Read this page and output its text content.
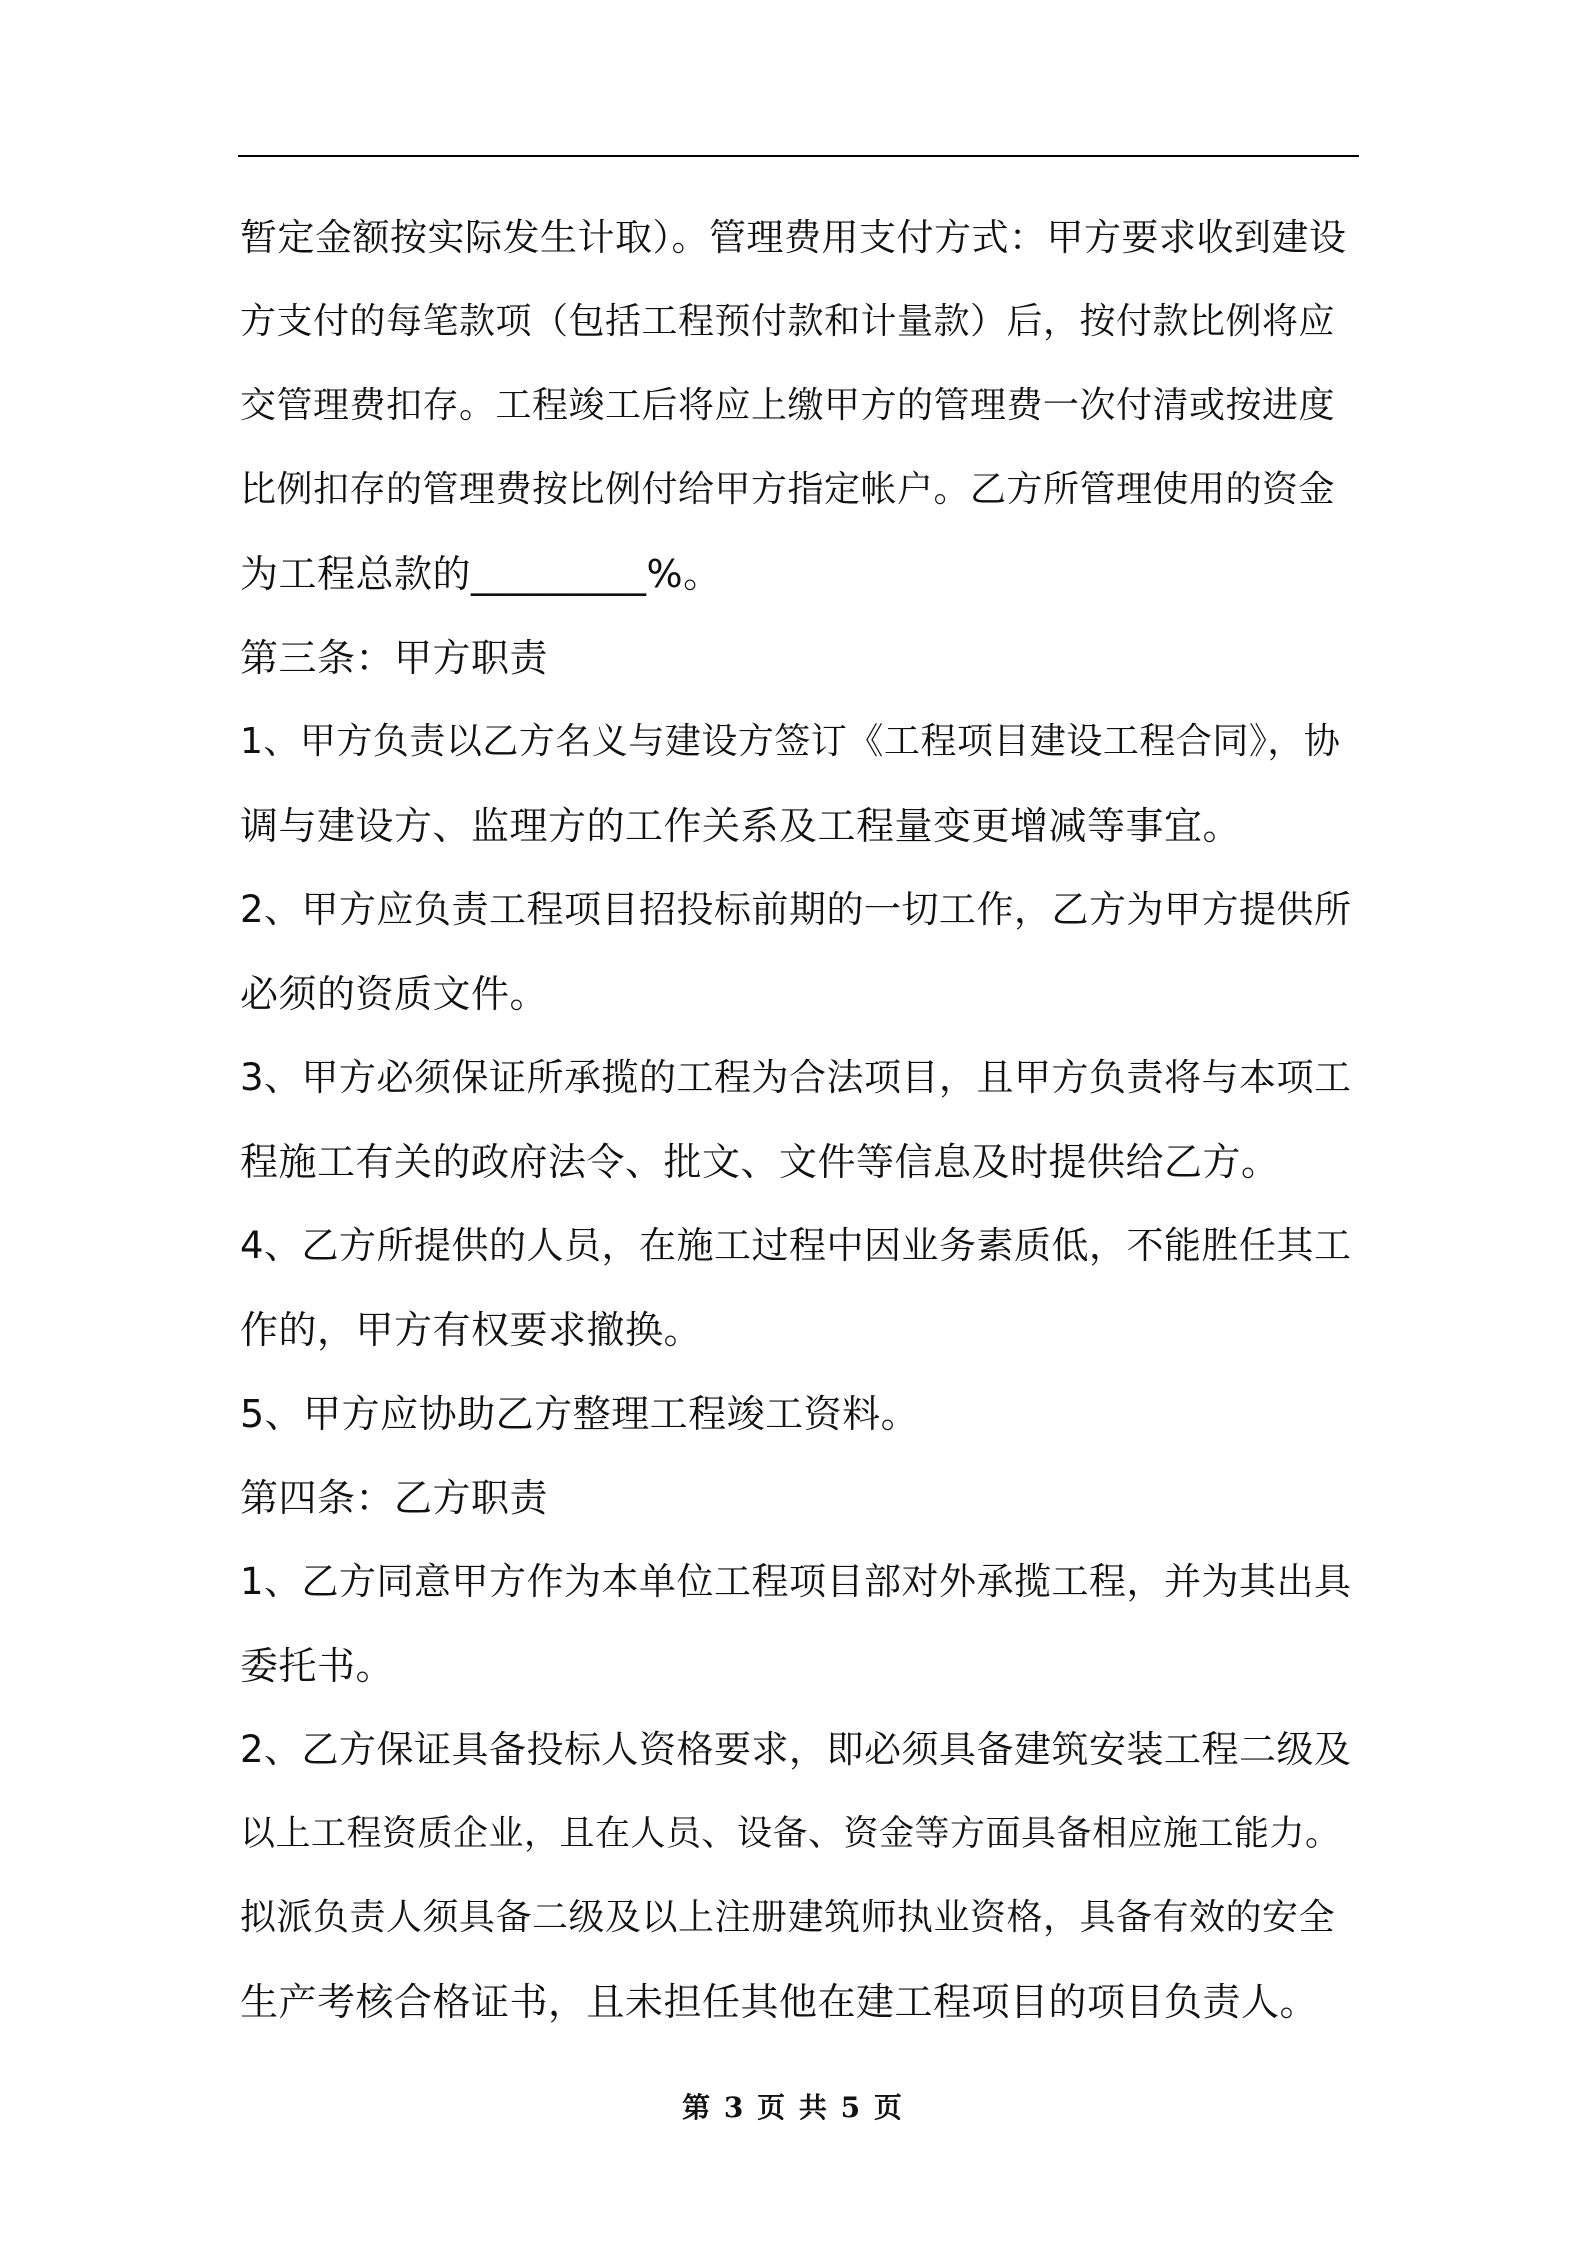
暂定金额按实际发生计取）。管理费用支付方式：甲方要求收到建设
方支付的每笔款项（包括工程预付款和计量款）后，按付款比例将应
交管理费扣存。工程竣工后将应上缴甲方的管理费一次付清或按进度
比例扣存的管理费按比例付给甲方指定帐户。乙方所管理使用的资金
为工程总款的_________%。
第三条：甲方职责
1、甲方负责以乙方名义与建设方签订《工程项目建设工程合同》，协
调与建设方、监理方的工作关系及工程量变更增减等事宜。
2、甲方应负责工程项目招投标前期的一切工作，乙方为甲方提供所
必须的资质文件。
3、甲方必须保证所承揽的工程为合法项目，且甲方负责将与本项工
程施工有关的政府法令、批文、文件等信息及时提供给乙方。
4、乙方所提供的人员，在施工过程中因业务素质低，不能胜任其工
作的，甲方有权要求撤换。
5、甲方应协助乙方整理工程竣工资料。
第四条：乙方职责
1、乙方同意甲方作为本单位工程项目部对外承揽工程，并为其出具
委托书。
2、乙方保证具备投标人资格要求，即必须具备建筑安装工程二级及
以上工程资质企业，且在人员、设备、资金等方面具备相应施工能力。
拟派负责人须具备二级及以上注册建筑师执业资格，具备有效的安全
生产考核合格证书，且未担任其他在建工程项目的项目负责人。
第 3 页 共 5 页
